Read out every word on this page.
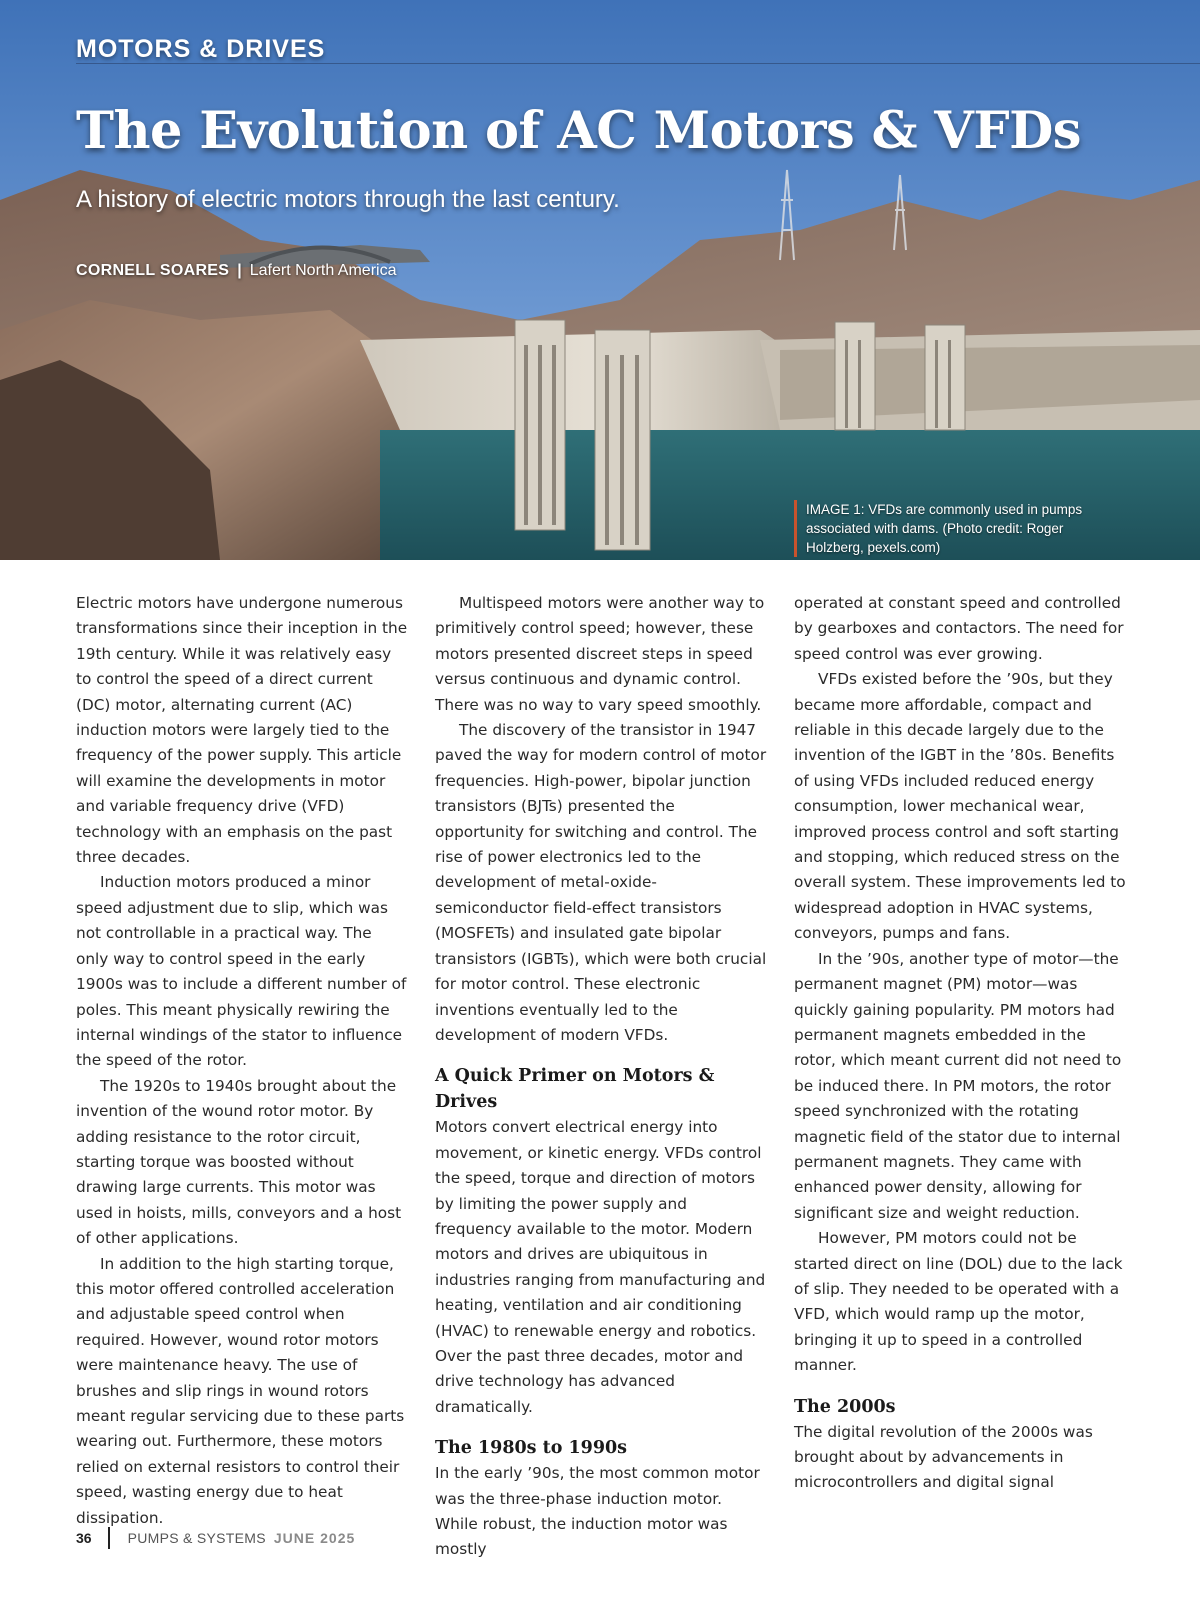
MOTORS & DRIVES
The Evolution of AC Motors & VFDs

A history of electric motors through the last century.

CORNELL SOARES | Lafert North America
IMAGE 1: VFDs are commonly used in pumps associated with dams. (Photo credit: Roger Holzberg, pexels.com)

Electric motors have undergone numerous transformations since their inception in the 19th century. While it was relatively easy to control the speed of a direct current (DC) motor, alternating current (AC) induction motors were largely tied to the frequency of the power supply. This article will examine the developments in motor and variable frequency drive (VFD) technology with an emphasis on the past three decades.

Induction motors produced a minor speed adjustment due to slip, which was not controllable in a practical way. The only way to control speed in the early 1900s was to include a different number of poles. This meant physically rewiring the internal windings of the stator to influence the speed of the rotor.

The 1920s to 1940s brought about the invention of the wound rotor motor. By adding resistance to the rotor circuit, starting torque was boosted without drawing large currents. This motor was used in hoists, mills, conveyors and a host of other applications.

In addition to the high starting torque, this motor offered controlled acceleration and adjustable speed control when required. However, wound rotor motors were maintenance heavy. The use of brushes and slip rings in wound rotors meant regular servicing due to these parts wearing out. Furthermore, these motors relied on external resistors to control their speed, wasting energy due to heat dissipation.

Multispeed motors were another way to primitively control speed; however, these motors presented discreet steps in speed versus continuous and dynamic control. There was no way to vary speed smoothly.

The discovery of the transistor in 1947 paved the way for modern control of motor frequencies. High-power, bipolar junction transistors (BJTs) presented the opportunity for switching and control. The rise of power electronics led to the development of metal-oxide-semiconductor field-effect transistors (MOSFETs) and insulated gate bipolar transistors (IGBTs), which were both crucial for motor control. These electronic inventions eventually led to the development of modern VFDs.

A Quick Primer on Motors & Drives

Motors convert electrical energy into movement, or kinetic energy. VFDs control the speed, torque and direction of motors by limiting the power supply and frequency available to the motor. Modern motors and drives are ubiquitous in industries ranging from manufacturing and heating, ventilation and air conditioning (HVAC) to renewable energy and robotics. Over the past three decades, motor and drive technology has advanced dramatically.

The 1980s to 1990s

In the early ’90s, the most common motor was the three-phase induction motor. While robust, the induction motor was mostly

operated at constant speed and controlled by gearboxes and contactors. The need for speed control was ever growing.

VFDs existed before the ’90s, but they became more affordable, compact and reliable in this decade largely due to the invention of the IGBT in the ’80s. Benefits of using VFDs included reduced energy consumption, lower mechanical wear, improved process control and soft starting and stopping, which reduced stress on the overall system. These improvements led to widespread adoption in HVAC systems, conveyors, pumps and fans.

In the ’90s, another type of motor—the permanent magnet (PM) motor—was quickly gaining popularity. PM motors had permanent magnets embedded in the rotor, which meant current did not need to be induced there. In PM motors, the rotor speed synchronized with the rotating magnetic field of the stator due to internal permanent magnets. They came with enhanced power density, allowing for significant size and weight reduction.

However, PM motors could not be started direct on line (DOL) due to the lack of slip. They needed to be operated with a VFD, which would ramp up the motor, bringing it up to speed in a controlled manner.

The 2000s

The digital revolution of the 2000s was brought about by advancements in microcontrollers and digital signal

36	PUMPS & SYSTEMS JUNE 2025
